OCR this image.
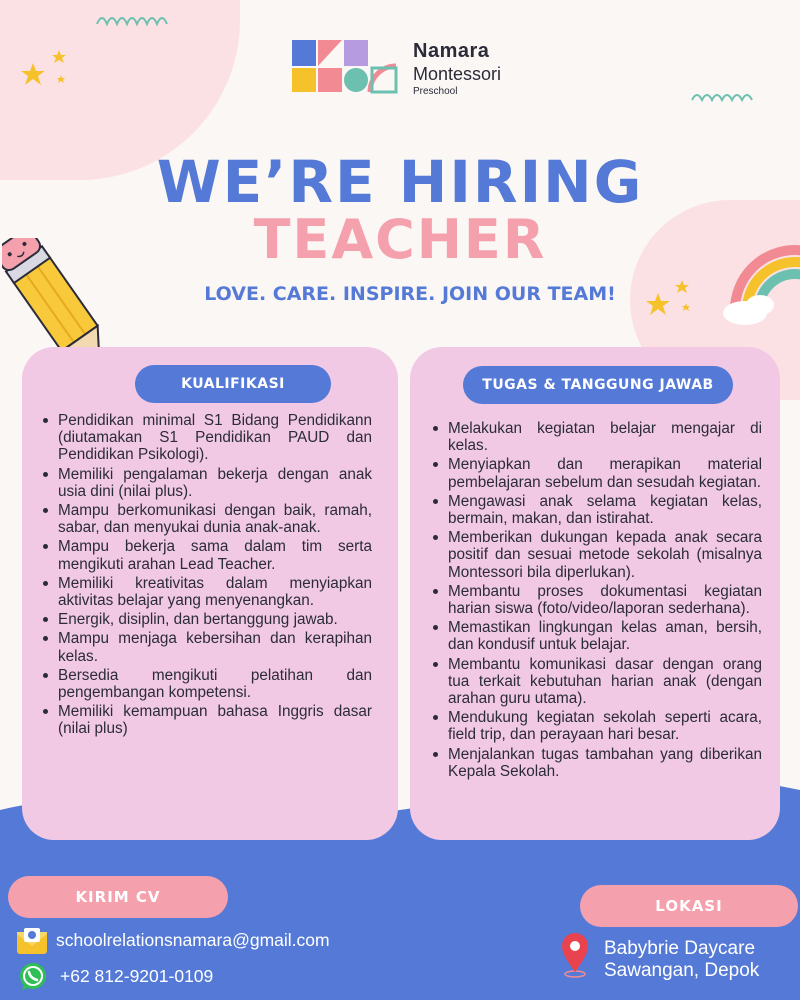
Namara
Montessori
Preschool
WE’RE HIRING
TEACHER
LOVE. CARE. INSPIRE. JOIN OUR TEAM!
KUALIFIKASI	TUGAS & TANGGUNG JAWAB
Pendidikan minimal S1 Bidang Pendidikann (diutamakan S1 Pendidikan PAUD dan Pendidikan Psikologi).
Memiliki pengalaman bekerja dengan anak usia dini (nilai plus).
Mampu berkomunikasi dengan baik, ramah, sabar, dan menyukai dunia anak-anak.
Mampu bekerja sama dalam tim serta mengikuti arahan Lead Teacher.
Memiliki kreativitas dalam menyiapkan aktivitas belajar yang menyenangkan.
Energik, disiplin, dan bertanggung jawab.
Mampu menjaga kebersihan dan kerapihan kelas.
Bersedia mengikuti pelatihan dan pengembangan kompetensi.
Memiliki kemampuan bahasa Inggris dasar (nilai plus)
Melakukan kegiatan belajar mengajar di kelas.
Menyiapkan dan merapikan material pembelajaran sebelum dan sesudah kegiatan.
Mengawasi anak selama kegiatan kelas, bermain, makan, dan istirahat.
Memberikan dukungan kepada anak secara positif dan sesuai metode sekolah (misalnya Montessori bila diperlukan).
Membantu proses dokumentasi kegiatan harian siswa (foto/video/laporan sederhana).
Memastikan lingkungan kelas aman, bersih, dan kondusif untuk belajar.
Membantu komunikasi dasar dengan orang tua terkait kebutuhan harian anak (dengan arahan guru utama).
Mendukung kegiatan sekolah seperti acara, field trip, dan perayaan hari besar.
Menjalankan tugas tambahan yang diberikan Kepala Sekolah.
KIRIM CV
schoolrelationsnamara@gmail.com
+62 812-9201-0109
LOKASI
Babybrie Daycare
Sawangan, Depok
